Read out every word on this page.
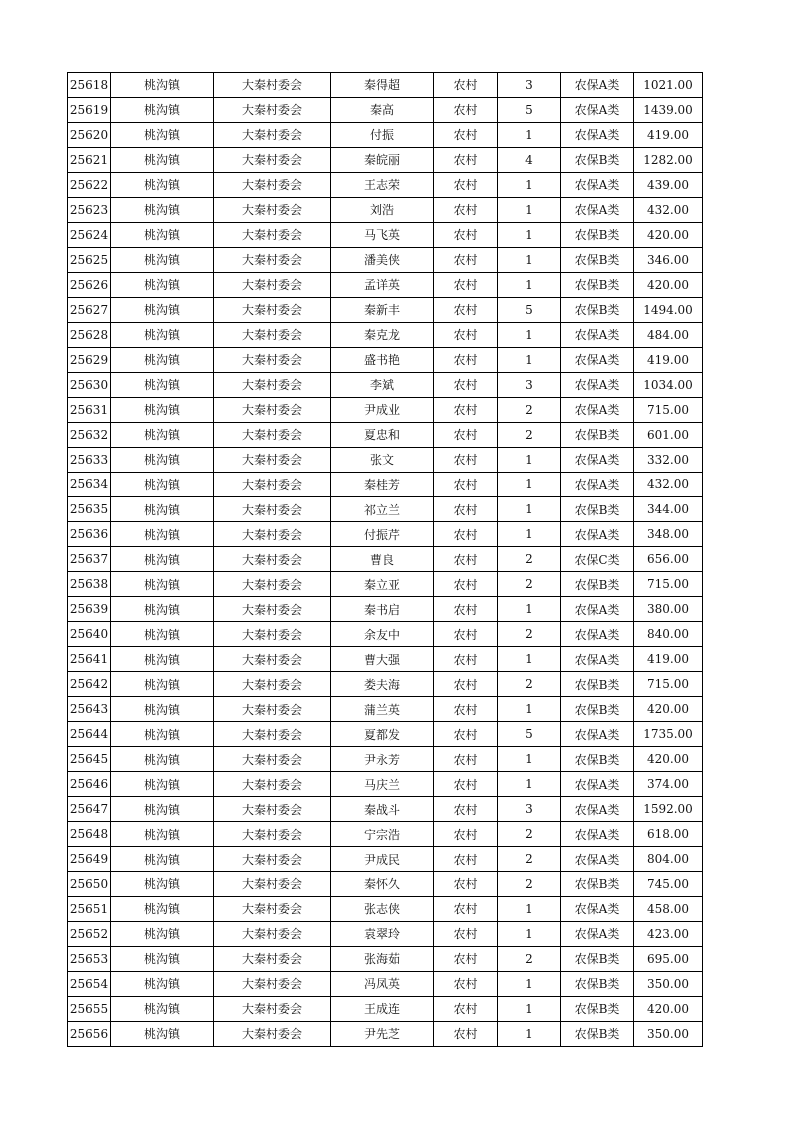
25618	桃沟镇	大秦村委会	秦得超	农村	3	农保A类	1021.00
25619	桃沟镇	大秦村委会	秦高	农村	5	农保A类	1439.00
25620	桃沟镇	大秦村委会	付振	农村	1	农保A类	419.00
25621	桃沟镇	大秦村委会	秦皖丽	农村	4	农保B类	1282.00
25622	桃沟镇	大秦村委会	王志荣	农村	1	农保A类	439.00
25623	桃沟镇	大秦村委会	刘浩	农村	1	农保A类	432.00
25624	桃沟镇	大秦村委会	马飞英	农村	1	农保B类	420.00
25625	桃沟镇	大秦村委会	潘美侠	农村	1	农保B类	346.00
25626	桃沟镇	大秦村委会	孟详英	农村	1	农保B类	420.00
25627	桃沟镇	大秦村委会	秦新丰	农村	5	农保B类	1494.00
25628	桃沟镇	大秦村委会	秦克龙	农村	1	农保A类	484.00
25629	桃沟镇	大秦村委会	盛书艳	农村	1	农保A类	419.00
25630	桃沟镇	大秦村委会	李斌	农村	3	农保A类	1034.00
25631	桃沟镇	大秦村委会	尹成业	农村	2	农保A类	715.00
25632	桃沟镇	大秦村委会	夏忠和	农村	2	农保B类	601.00
25633	桃沟镇	大秦村委会	张文	农村	1	农保A类	332.00
25634	桃沟镇	大秦村委会	秦桂芳	农村	1	农保A类	432.00
25635	桃沟镇	大秦村委会	祁立兰	农村	1	农保B类	344.00
25636	桃沟镇	大秦村委会	付振芹	农村	1	农保A类	348.00
25637	桃沟镇	大秦村委会	曹良	农村	2	农保C类	656.00
25638	桃沟镇	大秦村委会	秦立亚	农村	2	农保B类	715.00
25639	桃沟镇	大秦村委会	秦书启	农村	1	农保A类	380.00
25640	桃沟镇	大秦村委会	余友中	农村	2	农保A类	840.00
25641	桃沟镇	大秦村委会	曹大强	农村	1	农保A类	419.00
25642	桃沟镇	大秦村委会	娄夫海	农村	2	农保B类	715.00
25643	桃沟镇	大秦村委会	蒲兰英	农村	1	农保B类	420.00
25644	桃沟镇	大秦村委会	夏都发	农村	5	农保A类	1735.00
25645	桃沟镇	大秦村委会	尹永芳	农村	1	农保B类	420.00
25646	桃沟镇	大秦村委会	马庆兰	农村	1	农保A类	374.00
25647	桃沟镇	大秦村委会	秦战斗	农村	3	农保A类	1592.00
25648	桃沟镇	大秦村委会	宁宗浩	农村	2	农保A类	618.00
25649	桃沟镇	大秦村委会	尹成民	农村	2	农保A类	804.00
25650	桃沟镇	大秦村委会	秦怀久	农村	2	农保B类	745.00
25651	桃沟镇	大秦村委会	张志侠	农村	1	农保A类	458.00
25652	桃沟镇	大秦村委会	袁翠玲	农村	1	农保A类	423.00
25653	桃沟镇	大秦村委会	张海茹	农村	2	农保B类	695.00
25654	桃沟镇	大秦村委会	冯凤英	农村	1	农保B类	350.00
25655	桃沟镇	大秦村委会	王成连	农村	1	农保B类	420.00
25656	桃沟镇	大秦村委会	尹先芝	农村	1	农保B类	350.00
